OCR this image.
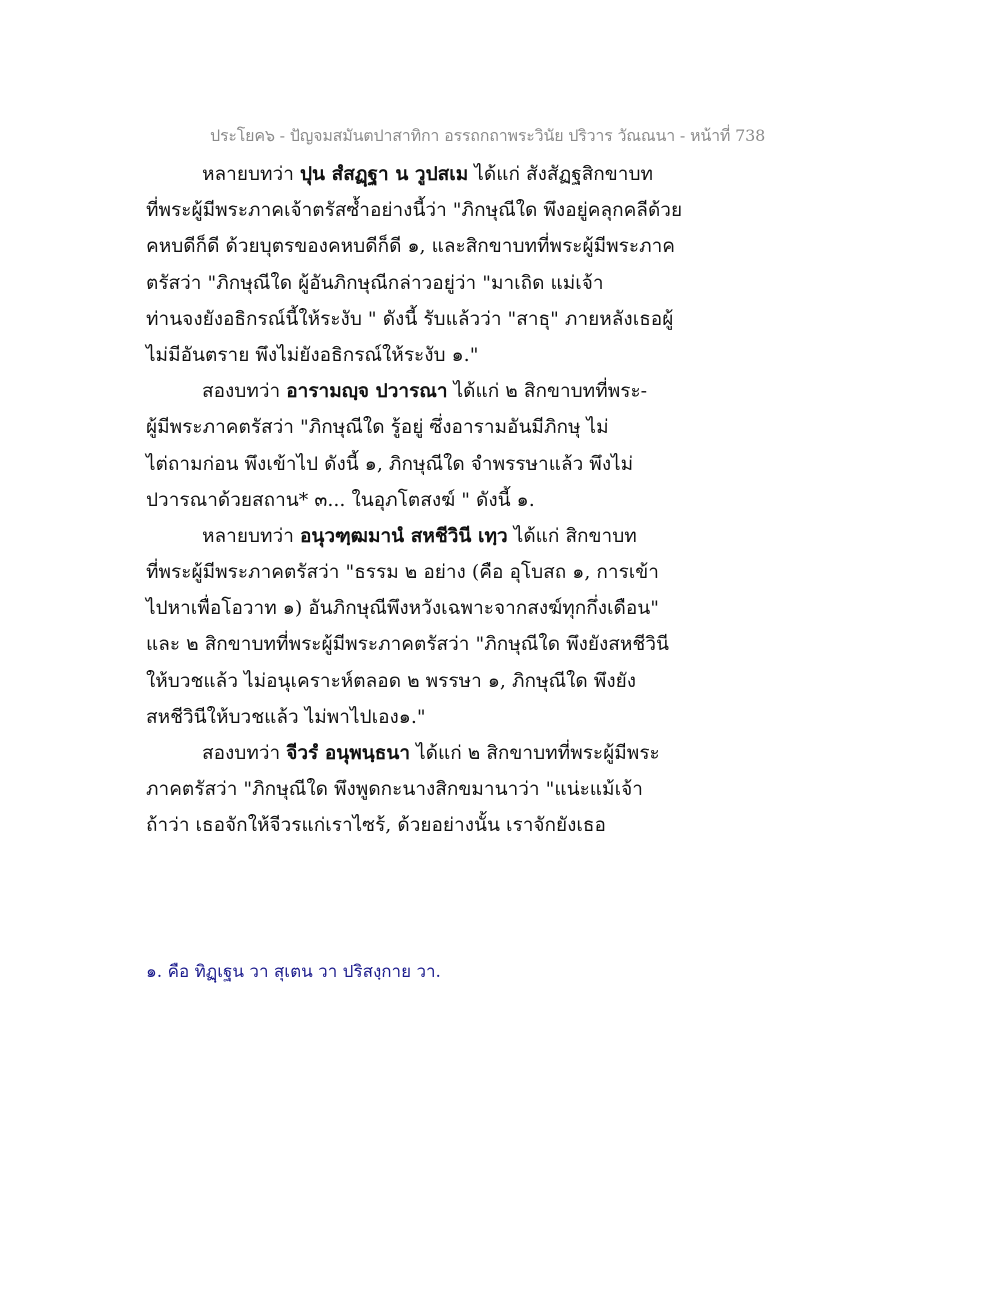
ประโยค๖ - ปัญจมสมันตปาสาทิกา อรรถกถาพระวินัย ปริวาร วัณณนา - หน้าที่ 738
หลายบทว่า ปุน สํสฏฺฐา น วูปสเม ได้แก่ สังสัฏฐสิกขาบท
ที่พระผู้มีพระภาคเจ้าตรัสซ้ำอย่างนี้ว่า "ภิกษุณีใด พึงอยู่คลุกคลีด้วย
คหบดีก็ดี ด้วยบุตรของคหบดีก็ดี ๑, และสิกขาบทที่พระผู้มีพระภาค
ตรัสว่า "ภิกษุณีใด ผู้อันภิกษุณีกล่าวอยู่ว่า "มาเถิด แม่เจ้า
ท่านจงยังอธิกรณ์นี้ให้ระงับ " ดังนี้ รับแล้วว่า "สาธุ" ภายหลังเธอผู้
ไม่มีอันตราย พึงไม่ยังอธิกรณ์ให้ระงับ ๑."
สองบทว่า อารามญฺจ ปวารณา ได้แก่ ๒ สิกขาบทที่พระ-
ผู้มีพระภาคตรัสว่า "ภิกษุณีใด รู้อยู่ ซึ่งอารามอันมีภิกษุ ไม่
ไต่ถามก่อน พึงเข้าไป ดังนี้ ๑, ภิกษุณีใด จำพรรษาแล้ว พึงไม่
ปวารณาด้วยสถาน* ๓... ในอุภโตสงฆ์ " ดังนี้ ๑.
หลายบทว่า อนุวฑฺฒมานํ สหชีวินี เทฺว ได้แก่ สิกขาบท
ที่พระผู้มีพระภาคตรัสว่า "ธรรม ๒ อย่าง (คือ อุโบสถ ๑, การเข้า
ไปหาเพื่อโอวาท ๑) อันภิกษุณีพึงหวังเฉพาะจากสงฆ์ทุกกึ่งเดือน"
และ ๒ สิกขาบทที่พระผู้มีพระภาคตรัสว่า "ภิกษุณีใด พึงยังสหชีวินี
ให้บวชแล้ว ไม่อนุเคราะห์ตลอด ๒ พรรษา ๑, ภิกษุณีใด พึงยัง
สหชีวินีให้บวชแล้ว ไม่พาไปเอง๑."
สองบทว่า จีวรํ อนุพนฺธนา ได้แก่ ๒ สิกขาบทที่พระผู้มีพระ
ภาคตรัสว่า "ภิกษุณีใด พึงพูดกะนางสิกขมานาว่า "แน่ะแม้เจ้า
ถ้าว่า เธอจักให้จีวรแก่เราไซร้, ด้วยอย่างนั้น เราจักยังเธอ
๑. คือ ทิฏฺเฐน วา สุเตน วา ปริสงฺกาย วา.
